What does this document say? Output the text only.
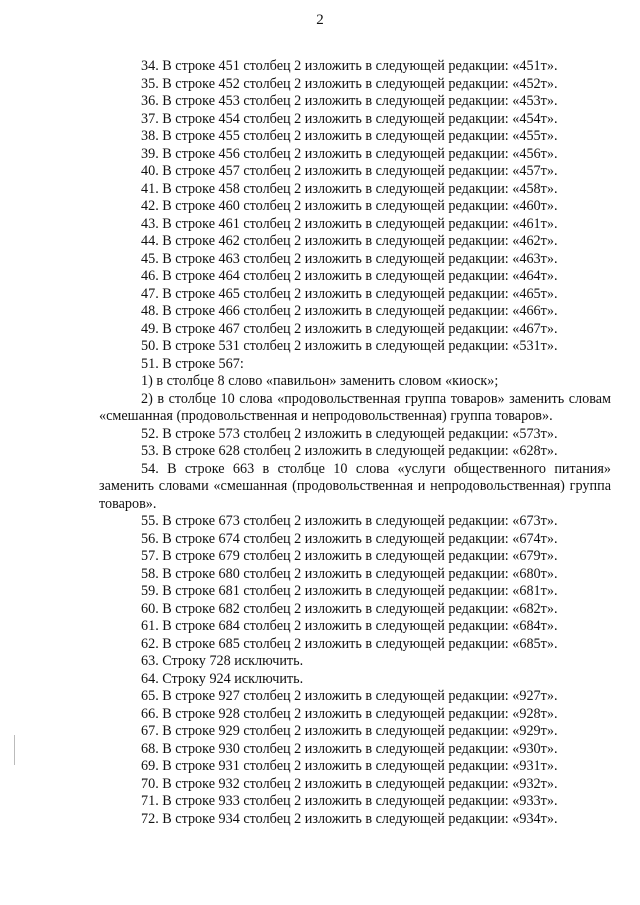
2

34. В строке 451 столбец 2 изложить в следующей редакции: «451т».

35. В строке 452 столбец 2 изложить в следующей редакции: «452т».

36. В строке 453 столбец 2 изложить в следующей редакции: «453т».

37. В строке 454 столбец 2 изложить в следующей редакции: «454т».

38. В строке 455 столбец 2 изложить в следующей редакции: «455т».

39. В строке 456 столбец 2 изложить в следующей редакции: «456т».

40. В строке 457 столбец 2 изложить в следующей редакции: «457т».

41. В строке 458 столбец 2 изложить в следующей редакции: «458т».

42. В строке 460 столбец 2 изложить в следующей редакции: «460т».

43. В строке 461 столбец 2 изложить в следующей редакции: «461т».

44. В строке 462 столбец 2 изложить в следующей редакции: «462т».

45. В строке 463 столбец 2 изложить в следующей редакции: «463т».

46. В строке 464 столбец 2 изложить в следующей редакции: «464т».

47. В строке 465 столбец 2 изложить в следующей редакции: «465т».

48. В строке 466 столбец 2 изложить в следующей редакции: «466т».

49. В строке 467 столбец 2 изложить в следующей редакции: «467т».

50. В строке 531 столбец 2 изложить в следующей редакции: «531т».

51. В строке 567:

1) в столбце 8 слово «павильон» заменить словом «киоск»;

2) в столбце 10 слова «продовольственная группа товаров» заменить словам «смешанная (продовольственная и непродовольственная) группа товаров».

52. В строке 573 столбец 2 изложить в следующей редакции: «573т».

53. В строке 628 столбец 2 изложить в следующей редакции: «628т».

54. В строке 663 в столбце 10 слова «услуги общественного питания» заменить словами «смешанная (продовольственная и непродовольственная) группа товаров».

55. В строке 673 столбец 2 изложить в следующей редакции: «673т».

56. В строке 674 столбец 2 изложить в следующей редакции: «674т».

57. В строке 679 столбец 2 изложить в следующей редакции: «679т».

58. В строке 680 столбец 2 изложить в следующей редакции: «680т».

59. В строке 681 столбец 2 изложить в следующей редакции: «681т».

60. В строке 682 столбец 2 изложить в следующей редакции: «682т».

61. В строке 684 столбец 2 изложить в следующей редакции: «684т».

62. В строке 685 столбец 2 изложить в следующей редакции: «685т».

63. Строку 728 исключить.

64. Строку 924 исключить.

65. В строке 927 столбец 2 изложить в следующей редакции: «927т».

66. В строке 928 столбец 2 изложить в следующей редакции: «928т».

67. В строке 929 столбец 2 изложить в следующей редакции: «929т».

68. В строке 930 столбец 2 изложить в следующей редакции: «930т».

69. В строке 931 столбец 2 изложить в следующей редакции: «931т».

70. В строке 932 столбец 2 изложить в следующей редакции: «932т».

71. В строке 933 столбец 2 изложить в следующей редакции: «933т».

72. В строке 934 столбец 2 изложить в следующей редакции: «934т».
